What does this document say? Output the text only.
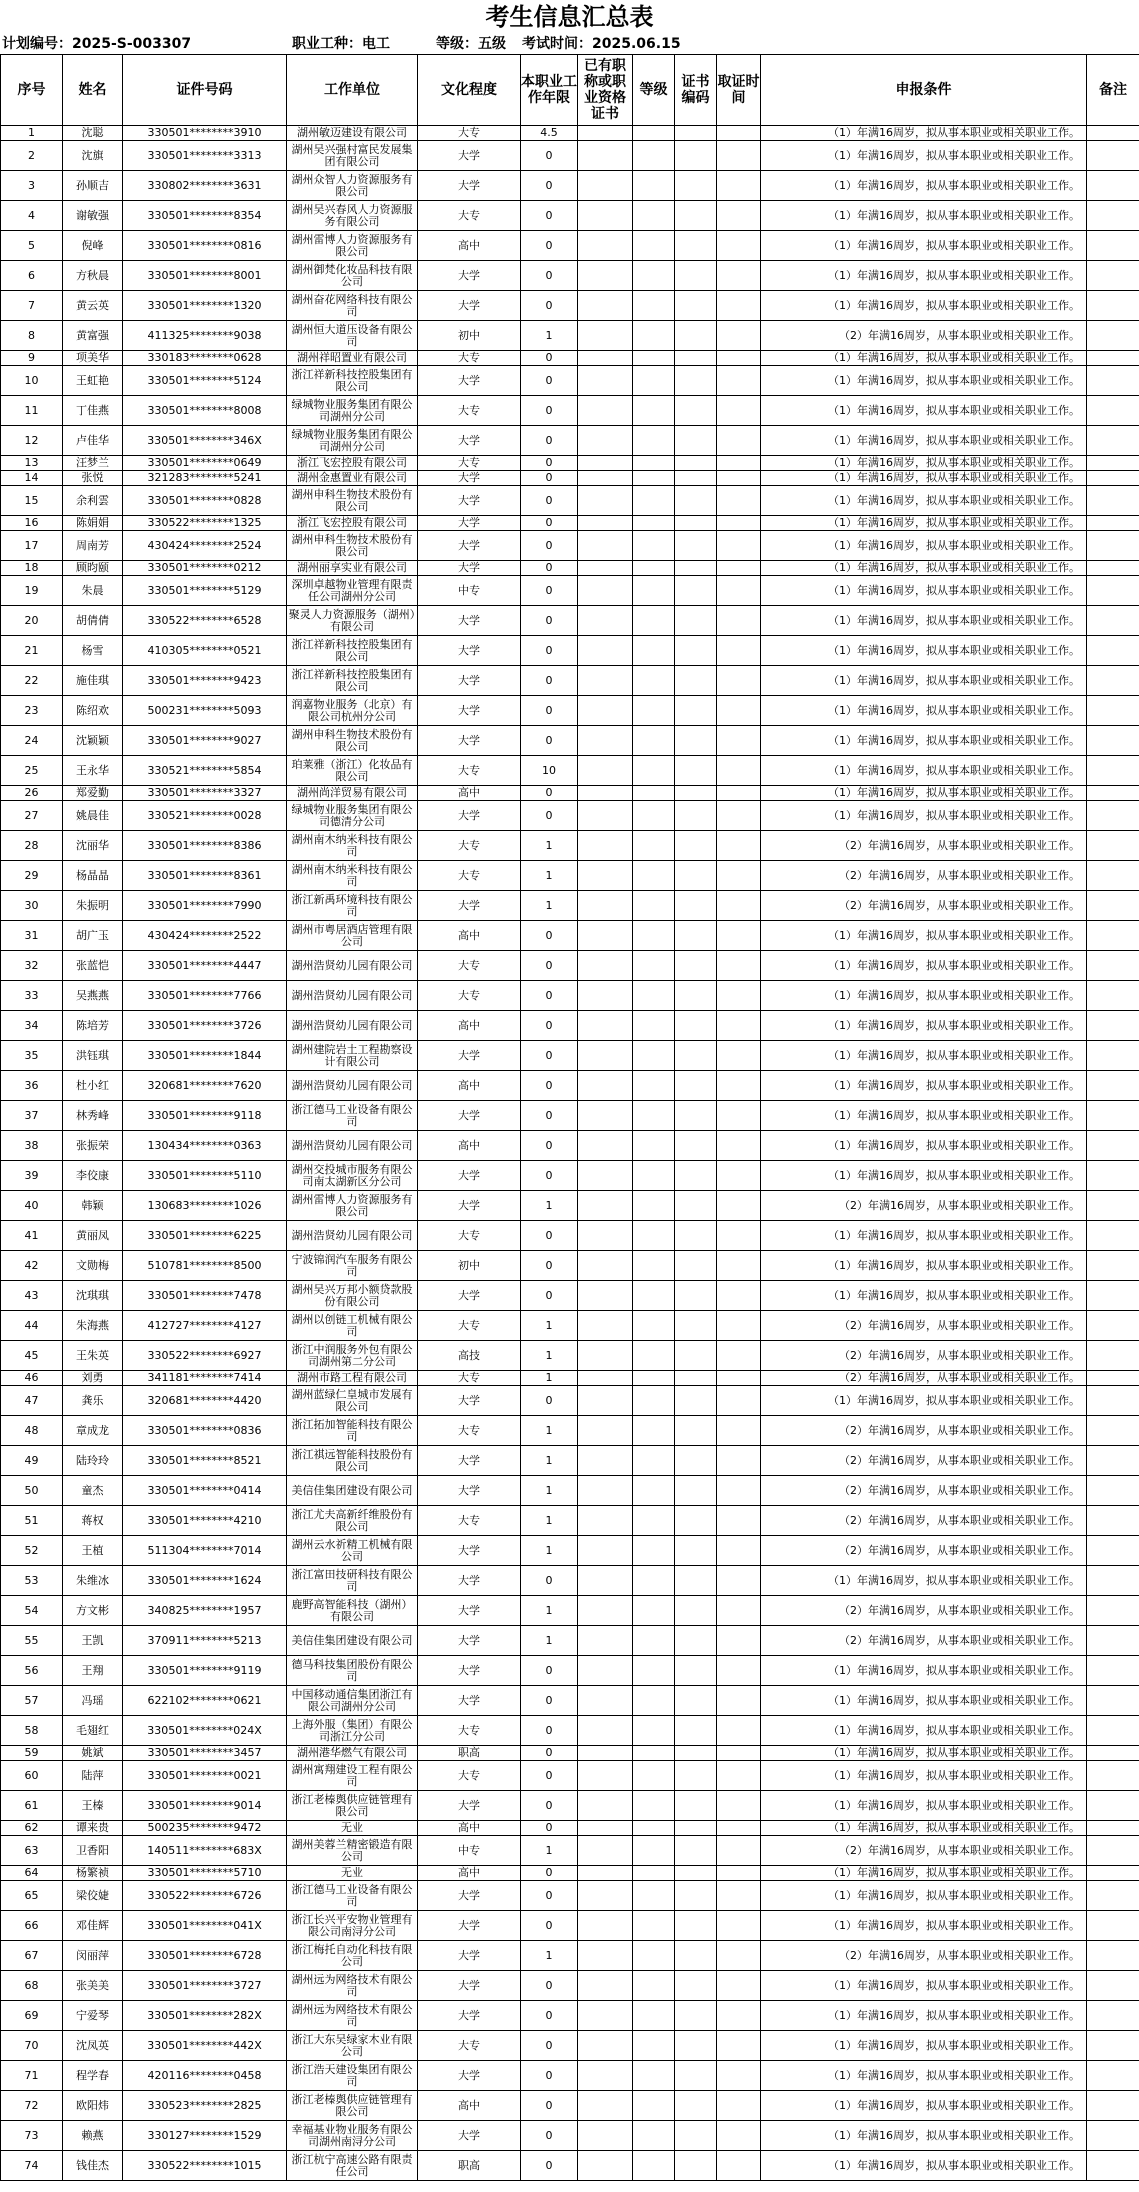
考生信息汇总表
计划编号：2025-S-003307	职业工种：电工	等级：五级 考试时间：2025.06.15
序号	姓名	证件号码	工作单位	文化程度	本职业工作年限	已有职称或职业资格证书	等级	证书编码	取证时间	申报条件	备注
1	沈聪	330501********3910	湖州敏迈建设有限公司	大专	4.5					（1）年满16周岁，拟从事本职业或相关职业工作。	
2	沈旗	330501********3313	湖州吴兴强村富民发展集团有限公司	大学	0					（1）年满16周岁，拟从事本职业或相关职业工作。	
3	孙顺吉	330802********3631	湖州众智人力资源服务有限公司	大学	0					（1）年满16周岁，拟从事本职业或相关职业工作。	
4	谢敏强	330501********8354	湖州吴兴春风人力资源服务有限公司	大专	0					（1）年满16周岁，拟从事本职业或相关职业工作。	
5	倪峰	330501********0816	湖州雷博人力资源服务有限公司	高中	0					（1）年满16周岁，拟从事本职业或相关职业工作。	
6	方秋晨	330501********8001	湖州御梵化妆品科技有限公司	大学	0					（1）年满16周岁，拟从事本职业或相关职业工作。	
7	黄云英	330501********1320	湖州奋花网络科技有限公司	大学	0					（1）年满16周岁，拟从事本职业或相关职业工作。	
8	黄富强	411325********9038	湖州恒大道压设备有限公司	初中	1					（2）年满16周岁，从事本职业或相关职业工作。	
9	项美华	330183********0628	湖州祥昭置业有限公司	大专	0					（1）年满16周岁，拟从事本职业或相关职业工作。	
10	王虹艳	330501********5124	浙江祥新科技控股集团有限公司	大学	0					（1）年满16周岁，拟从事本职业或相关职业工作。	
11	丁佳燕	330501********8008	绿城物业服务集团有限公司湖州分公司	大专	0					（1）年满16周岁，拟从事本职业或相关职业工作。	
12	卢佳华	330501********346X	绿城物业服务集团有限公司湖州分公司	大学	0					（1）年满16周岁，拟从事本职业或相关职业工作。	
13	汪梦兰	330501********0649	浙江飞宏控股有限公司	大专	0					（1）年满16周岁，拟从事本职业或相关职业工作。	
14	张悦	321283********5241	湖州金惠置业有限公司	大学	0					（1）年满16周岁，拟从事本职业或相关职业工作。	
15	余利雲	330501********0828	湖州申科生物技术股份有限公司	大学	0					（1）年满16周岁，拟从事本职业或相关职业工作。	
16	陈娟娟	330522********1325	浙江飞宏控股有限公司	大学	0					（1）年满16周岁，拟从事本职业或相关职业工作。	
17	周南芳	430424********2524	湖州申科生物技术股份有限公司	大学	0					（1）年满16周岁，拟从事本职业或相关职业工作。	
18	顾昀颐	330501********0212	湖州丽享实业有限公司	大学	0					（1）年满16周岁，拟从事本职业或相关职业工作。	
19	朱晨	330501********5129	深圳卓越物业管理有限责任公司湖州分公司	中专	0					（1）年满16周岁，拟从事本职业或相关职业工作。	
20	胡倩倩	330522********6528	聚灵人力资源服务（湖州）有限公司	大学	0					（1）年满16周岁，拟从事本职业或相关职业工作。	
21	杨雪	410305********0521	浙江祥新科技控股集团有限公司	大学	0					（1）年满16周岁，拟从事本职业或相关职业工作。	
22	施佳琪	330501********9423	浙江祥新科技控股集团有限公司	大学	0					（1）年满16周岁，拟从事本职业或相关职业工作。	
23	陈绍欢	500231********5093	润嘉物业服务（北京）有限公司杭州分公司	大学	0					（1）年满16周岁，拟从事本职业或相关职业工作。	
24	沈颖颖	330501********9027	湖州申科生物技术股份有限公司	大学	0					（1）年满16周岁，拟从事本职业或相关职业工作。	
25	王永华	330521********5854	珀莱雅（浙江）化妆品有限公司	大专	10					（1）年满16周岁，拟从事本职业或相关职业工作。	
26	郑爱勤	330501********3327	湖州尚洋贸易有限公司	高中	0					（1）年满16周岁，拟从事本职业或相关职业工作。	
27	姚晨佳	330521********0028	绿城物业服务集团有限公司德清分公司	大学	0					（1）年满16周岁，拟从事本职业或相关职业工作。	
28	沈丽华	330501********8386	湖州南木纳米科技有限公司	大专	1					（2）年满16周岁，从事本职业或相关职业工作。	
29	杨晶晶	330501********8361	湖州南木纳米科技有限公司	大专	1					（2）年满16周岁，从事本职业或相关职业工作。	
30	朱振明	330501********7990	浙江新禹环境科技有限公司	大学	1					（2）年满16周岁，从事本职业或相关职业工作。	
31	胡广玉	430424********2522	湖州市粤居酒店管理有限公司	高中	0					（1）年满16周岁，拟从事本职业或相关职业工作。	
32	张蓝恺	330501********4447	湖州浩贤幼儿园有限公司	大专	0					（1）年满16周岁，拟从事本职业或相关职业工作。	
33	吴燕燕	330501********7766	湖州浩贤幼儿园有限公司	大专	0					（1）年满16周岁，拟从事本职业或相关职业工作。	
34	陈培芳	330501********3726	湖州浩贤幼儿园有限公司	高中	0					（1）年满16周岁，拟从事本职业或相关职业工作。	
35	洪钰琪	330501********1844	湖州建院岩土工程勘察设计有限公司	大学	0					（1）年满16周岁，拟从事本职业或相关职业工作。	
36	杜小红	320681********7620	湖州浩贤幼儿园有限公司	高中	0					（1）年满16周岁，拟从事本职业或相关职业工作。	
37	林秀峰	330501********9118	浙江德马工业设备有限公司	大学	0					（1）年满16周岁，拟从事本职业或相关职业工作。	
38	张振荣	130434********0363	湖州浩贤幼儿园有限公司	高中	0					（1）年满16周岁，拟从事本职业或相关职业工作。	
39	李佼康	330501********5110	湖州交投城市服务有限公司南太湖新区分公司	大学	0					（1）年满16周岁，拟从事本职业或相关职业工作。	
40	韩颖	130683********1026	湖州雷博人力资源服务有限公司	大学	1					（2）年满16周岁，从事本职业或相关职业工作。	
41	黄丽凤	330501********6225	湖州浩贤幼儿园有限公司	大专	0					（1）年满16周岁，拟从事本职业或相关职业工作。	
42	文勋梅	510781********8500	宁波锦润汽车服务有限公司	初中	0					（1）年满16周岁，拟从事本职业或相关职业工作。	
43	沈琪琪	330501********7478	湖州吴兴万邦小额贷款股份有限公司	大学	0					（1）年满16周岁，拟从事本职业或相关职业工作。	
44	朱海燕	412727********4127	湖州以创链工机械有限公司	大专	1					（2）年满16周岁，从事本职业或相关职业工作。	
45	王朱英	330522********6927	浙江中润服务外包有限公司湖州第二分公司	高技	1					（2）年满16周岁，从事本职业或相关职业工作。	
46	刘勇	341181********7414	湖州市路工程有限公司	大专	1					（2）年满16周岁，从事本职业或相关职业工作。	
47	龚乐	320681********4420	湖州蓝绿仁皇城市发展有限公司	大学	0					（1）年满16周岁，拟从事本职业或相关职业工作。	
48	章成龙	330501********0836	浙江拓加智能科技有限公司	大专	1					（2）年满16周岁，从事本职业或相关职业工作。	
49	陆玲玲	330501********8521	浙江祺远智能科技股份有限公司	大学	1					（2）年满16周岁，从事本职业或相关职业工作。	
50	童杰	330501********0414	美信佳集团建设有限公司	大学	1					（2）年满16周岁，从事本职业或相关职业工作。	
51	蒋权	330501********4210	浙江尤夫高新纤维股份有限公司	大专	1					（2）年满16周岁，从事本职业或相关职业工作。	
52	王植	511304********7014	湖州云水祈精工机械有限公司	大学	1					（2）年满16周岁，从事本职业或相关职业工作。	
53	朱维冰	330501********1624	浙江富田技研科技有限公司	大学	0					（1）年满16周岁，拟从事本职业或相关职业工作。	
54	方文彬	340825********1957	鹿野高智能科技（湖州）有限公司	大学	1					（2）年满16周岁，从事本职业或相关职业工作。	
55	王凯	370911********5213	美信佳集团建设有限公司	大学	1					（2）年满16周岁，从事本职业或相关职业工作。	
56	王翔	330501********9119	德马科技集团股份有限公司	大学	0					（1）年满16周岁，拟从事本职业或相关职业工作。	
57	冯瑶	622102********0621	中国移动通信集团浙江有限公司湖州分公司	大学	0					（1）年满16周岁，拟从事本职业或相关职业工作。	
58	毛翅红	330501********024X	上海外服（集团）有限公司浙江分公司	大专	0					（1）年满16周岁，拟从事本职业或相关职业工作。	
59	姚斌	330501********3457	湖州港华燃气有限公司	职高	0					（1）年满16周岁，拟从事本职业或相关职业工作。	
60	陆萍	330501********0021	湖州寓翔建设工程有限公司	大专	0					（1）年满16周岁，拟从事本职业或相关职业工作。	
61	王榛	330501********9014	浙江老榛舆供应链管理有限公司	大学	0					（1）年满16周岁，拟从事本职业或相关职业工作。	
62	谭来贵	500235********9472	无业	高中	0					（1）年满16周岁，拟从事本职业或相关职业工作。	
63	卫香阳	140511********683X	湖州美蓉兰精密锻造有限公司	中专	1					（2）年满16周岁，从事本职业或相关职业工作。	
64	杨繁祯	330501********5710	无业	高中	0					（1）年满16周岁，拟从事本职业或相关职业工作。	
65	梁佼婕	330522********6726	浙江德马工业设备有限公司	大学	0					（1）年满16周岁，拟从事本职业或相关职业工作。	
66	邓佳辉	330501********041X	浙江长兴平安物业管理有限公司南浔分公司	大学	0					（1）年满16周岁，拟从事本职业或相关职业工作。	
67	闵丽萍	330501********6728	浙江梅托自动化科技有限公司	大学	1					（2）年满16周岁，从事本职业或相关职业工作。	
68	张美美	330501********3727	湖州远为网络技术有限公司	大学	0					（1）年满16周岁，拟从事本职业或相关职业工作。	
69	宁爱琴	330501********282X	湖州远为网络技术有限公司	大学	0					（1）年满16周岁，拟从事本职业或相关职业工作。	
70	沈凤英	330501********442X	浙江大东吴绿家木业有限公司	大专	0					（1）年满16周岁，拟从事本职业或相关职业工作。	
71	程学春	420116********0458	浙江浩天建设集团有限公司	大学	0					（1）年满16周岁，拟从事本职业或相关职业工作。	
72	欧阳炜	330523********2825	浙江老榛舆供应链管理有限公司	高中	0					（1）年满16周岁，拟从事本职业或相关职业工作。	
73	赖燕	330127********1529	幸福基业物业服务有限公司湖州南浔分公司	大学	0					（1）年满16周岁，拟从事本职业或相关职业工作。	
74	钱佳杰	330522********1015	浙江杭宁高速公路有限责任公司	职高	0					（1）年满16周岁，拟从事本职业或相关职业工作。	
